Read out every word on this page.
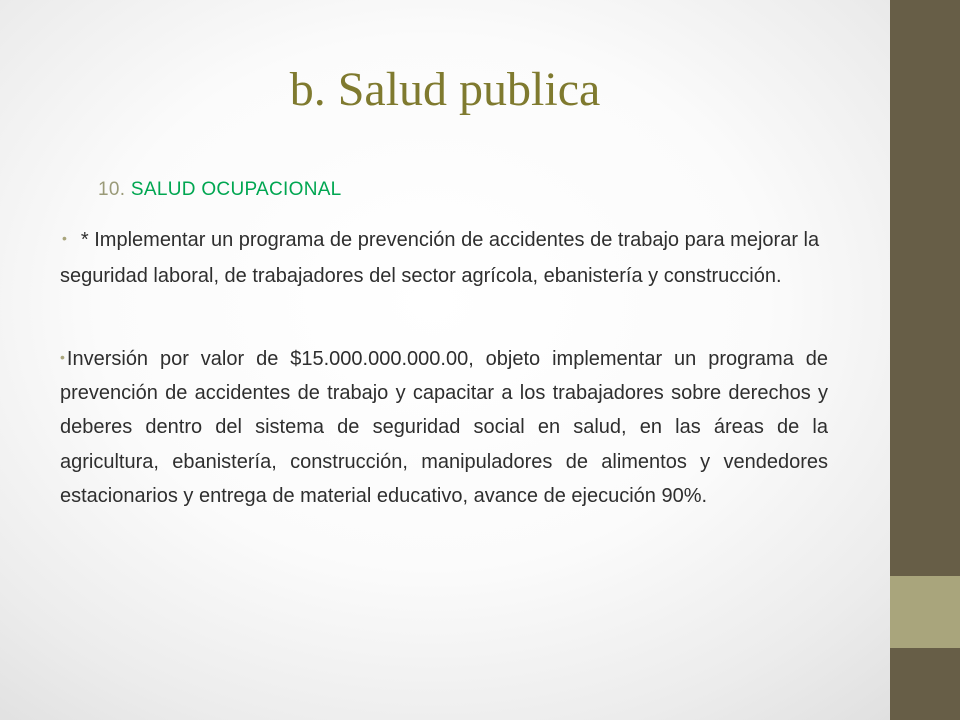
b. Salud publica
10. SALUD OCUPACIONAL
• * Implementar un programa de prevención de accidentes de trabajo para mejorar la seguridad laboral, de trabajadores del sector agrícola, ebanistería y construcción.
• Inversión por valor de $15.000.000.000.00, objeto implementar un programa de prevención de accidentes de trabajo y capacitar a los trabajadores sobre derechos y deberes dentro del sistema de seguridad social en salud, en las áreas de la agricultura, ebanistería, construcción, manipuladores de alimentos y vendedores estacionarios y entrega de material educativo, avance de ejecución 90%.
